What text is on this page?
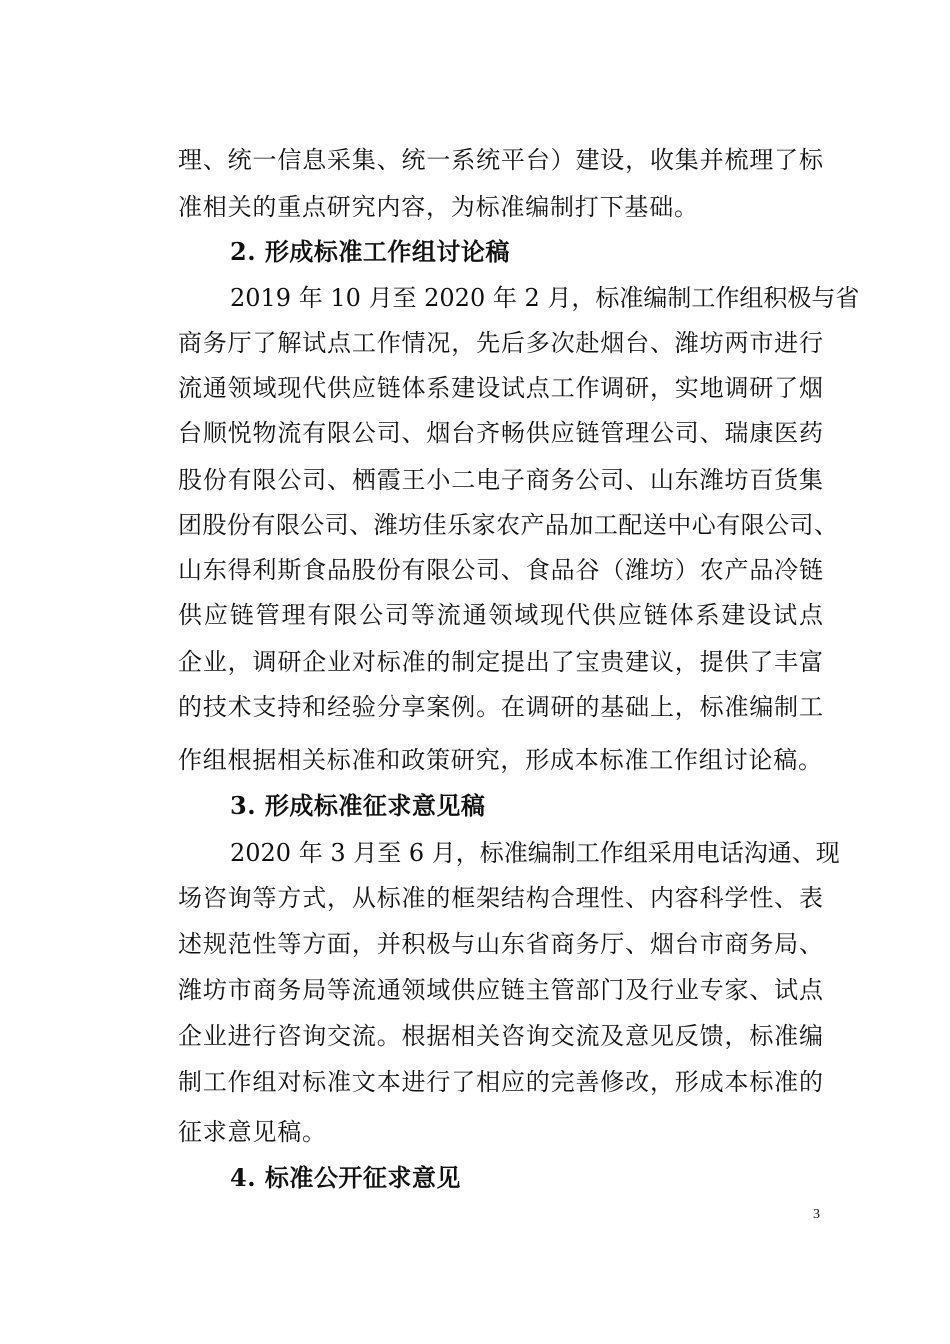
理、统一信息采集、统一系统平台）建设，收集并梳理了标
准相关的重点研究内容，为标准编制打下基础。
2. 形成标准工作组讨论稿
2019 年 10 月至 2020 年 2 月，标准编制工作组积极与省
商务厅了解试点工作情况，先后多次赴烟台、潍坊两市进行
流通领域现代供应链体系建设试点工作调研，实地调研了烟
台顺悦物流有限公司、烟台齐畅供应链管理公司、瑞康医药
股份有限公司、栖霞王小二电子商务公司、山东潍坊百货集
团股份有限公司、潍坊佳乐家农产品加工配送中心有限公司、
山东得利斯食品股份有限公司、食品谷（潍坊）农产品冷链
供应链管理有限公司等流通领域现代供应链体系建设试点
企业，调研企业对标准的制定提出了宝贵建议，提供了丰富
的技术支持和经验分享案例。在调研的基础上，标准编制工
作组根据相关标准和政策研究，形成本标准工作组讨论稿。
3. 形成标准征求意见稿
2020 年 3 月至 6 月，标准编制工作组采用电话沟通、现
场咨询等方式，从标准的框架结构合理性、内容科学性、表
述规范性等方面，并积极与山东省商务厅、烟台市商务局、
潍坊市商务局等流通领域供应链主管部门及行业专家、试点
企业进行咨询交流。根据相关咨询交流及意见反馈，标准编
制工作组对标准文本进行了相应的完善修改，形成本标准的
征求意见稿。
4. 标准公开征求意见
3
